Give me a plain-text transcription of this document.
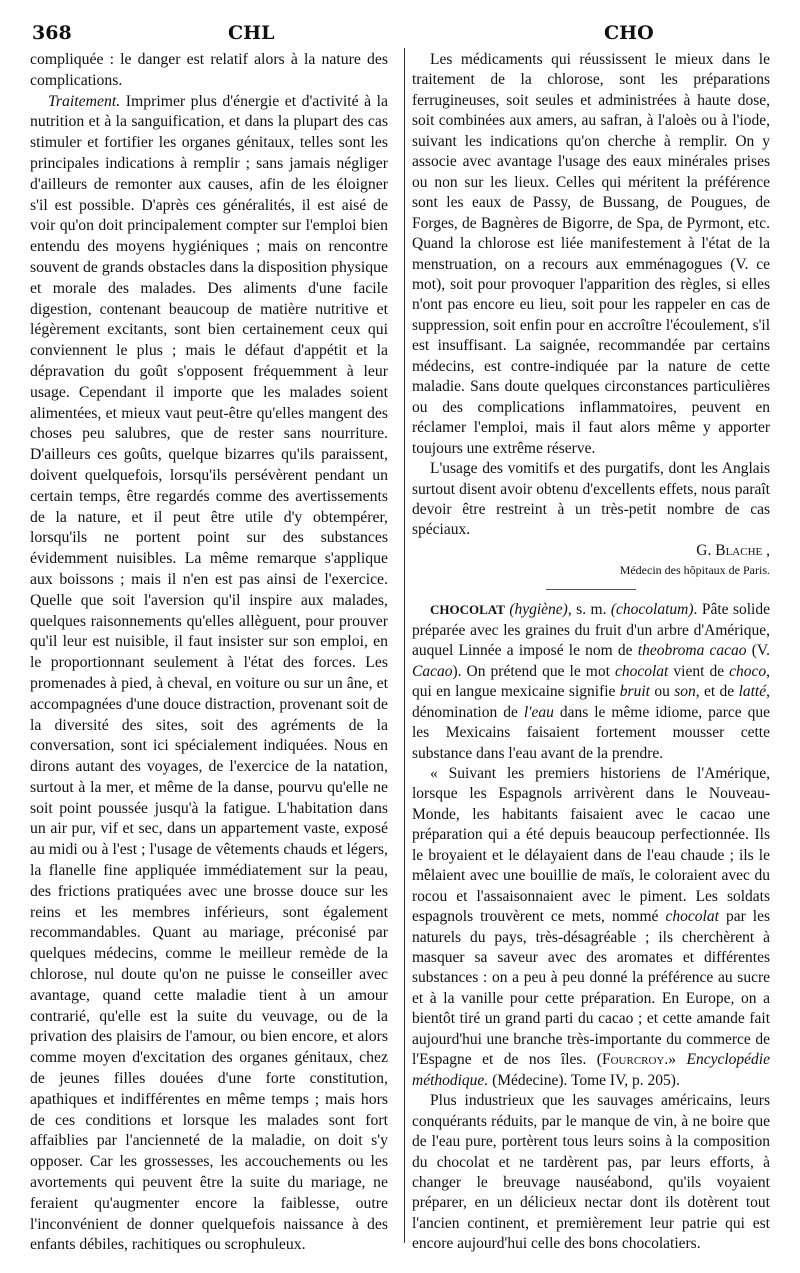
368	CHL	CHO

compliquée : le danger est relatif alors à la nature des complications.

Traitement. Imprimer plus d'énergie et d'activité à la nutrition et à la sanguification, et dans la plupart des cas stimuler et fortifier les organes génitaux, telles sont les principales indications à remplir ; sans jamais négliger d'ailleurs de remonter aux causes, afin de les éloigner s'il est possible. D'après ces généralités, il est aisé de voir qu'on doit principalement compter sur l'emploi bien entendu des moyens hygiéniques ; mais on rencontre souvent de grands obstacles dans la disposition physique et morale des malades. Des aliments d'une facile digestion, contenant beaucoup de matière nutritive et légèrement excitants, sont bien certainement ceux qui conviennent le plus ; mais le défaut d'appétit et la dépravation du goût s'opposent fréquemment à leur usage. Cependant il importe que les malades soient alimentées, et mieux vaut peut-être qu'elles mangent des choses peu salubres, que de rester sans nourriture. D'ailleurs ces goûts, quelque bizarres qu'ils paraissent, doivent quelquefois, lorsqu'ils persévèrent pendant un certain temps, être regardés comme des avertissements de la nature, et il peut être utile d'y obtempérer, lorsqu'ils ne portent point sur des substances évidemment nuisibles. La même remarque s'applique aux boissons ; mais il n'en est pas ainsi de l'exercice. Quelle que soit l'aversion qu'il inspire aux malades, quelques raisonnements qu'elles allèguent, pour prouver qu'il leur est nuisible, il faut insister sur son emploi, en le proportionnant seulement à l'état des forces. Les promenades à pied, à cheval, en voiture ou sur un âne, et accompagnées d'une douce distraction, provenant soit de la diversité des sites, soit des agréments de la conversation, sont ici spécialement indiquées. Nous en dirons autant des voyages, de l'exercice de la natation, surtout à la mer, et même de la danse, pourvu qu'elle ne soit point poussée jusqu'à la fatigue. L'habitation dans un air pur, vif et sec, dans un appartement vaste, exposé au midi ou à l'est ; l'usage de vêtements chauds et légers, la flanelle fine appliquée immédiatement sur la peau, des frictions pratiquées avec une brosse douce sur les reins et les membres inférieurs, sont également recommandables. Quant au mariage, préconisé par quelques médecins, comme le meilleur remède de la chlorose, nul doute qu'on ne puisse le conseiller avec avantage, quand cette maladie tient à un amour contrarié, qu'elle est la suite du veuvage, ou de la privation des plaisirs de l'amour, ou bien encore, et alors comme moyen d'excitation des organes génitaux, chez de jeunes filles douées d'une forte constitution, apathiques et indifférentes en même temps ; mais hors de ces conditions et lorsque les malades sont fort affaiblies par l'ancienneté de la maladie, on doit s'y opposer. Car les grossesses, les accouchements ou les avortements qui peuvent être la suite du mariage, ne feraient qu'augmenter encore la faiblesse, outre l'inconvénient de donner quelquefois naissance à des enfants débiles, rachitiques ou scrophuleux.

Les médicaments qui réussissent le mieux dans le traitement de la chlorose, sont les préparations ferrugineuses, soit seules et administrées à haute dose, soit combinées aux amers, au safran, à l'aloès ou à l'iode, suivant les indications qu'on cherche à remplir. On y associe avec avantage l'usage des eaux minérales prises ou non sur les lieux. Celles qui méritent la préférence sont les eaux de Passy, de Bussang, de Pougues, de Forges, de Bagnères de Bigorre, de Spa, de Pyrmont, etc. Quand la chlorose est liée manifestement à l'état de la menstruation, on a recours aux emménagogues (V. ce mot), soit pour provoquer l'apparition des règles, si elles n'ont pas encore eu lieu, soit pour les rappeler en cas de suppression, soit enfin pour en accroître l'écoulement, s'il est insuffisant. La saignée, recommandée par certains médecins, est contre-indiquée par la nature de cette maladie. Sans doute quelques circonstances particulières ou des complications inflammatoires, peuvent en réclamer l'emploi, mais il faut alors même y apporter toujours une extrême réserve.

L'usage des vomitifs et des purgatifs, dont les Anglais surtout disent avoir obtenu d'excellents effets, nous paraît devoir être restreint à un très-petit nombre de cas spéciaux.

G. Blache ,

Médecin des hôpitaux de Paris.

CHOCOLAT (hygiène), s. m. (chocolatum). Pâte solide préparée avec les graines du fruit d'un arbre d'Amérique, auquel Linnée a imposé le nom de theobroma cacao (V. Cacao). On prétend que le mot chocolat vient de choco, qui en langue mexicaine signifie bruit ou son, et de latté, dénomination de l'eau dans le même idiome, parce que les Mexicains faisaient fortement mousser cette substance dans l'eau avant de la prendre.

« Suivant les premiers historiens de l'Amérique, lorsque les Espagnols arrivèrent dans le Nouveau-Monde, les habitants faisaient avec le cacao une préparation qui a été depuis beaucoup perfectionnée. Ils le broyaient et le délayaient dans de l'eau chaude ; ils le mêlaient avec une bouillie de maïs, le coloraient avec du rocou et l'assaisonnaient avec le piment. Les soldats espagnols trouvèrent ce mets, nommé chocolat par les naturels du pays, très-désagréable ; ils cherchèrent à masquer sa saveur avec des aromates et différentes substances : on a peu à peu donné la préférence au sucre et à la vanille pour cette préparation. En Europe, on a bientôt tiré un grand parti du cacao ; et cette amande fait aujourd'hui une branche très-importante du commerce de l'Espagne et de nos îles. (Fourcroy.» Encyclopédie méthodique. (Médecine). Tome IV, p. 205).

Plus industrieux que les sauvages américains, leurs conquérants réduits, par le manque de vin, à ne boire que de l'eau pure, portèrent tous leurs soins à la composition du chocolat et ne tardèrent pas, par leurs efforts, à changer le breuvage nauséabond, qu'ils voyaient préparer, en un délicieux nectar dont ils dotèrent tout l'ancien continent, et premièrement leur patrie qui est encore aujourd'hui celle des bons chocolatiers.
